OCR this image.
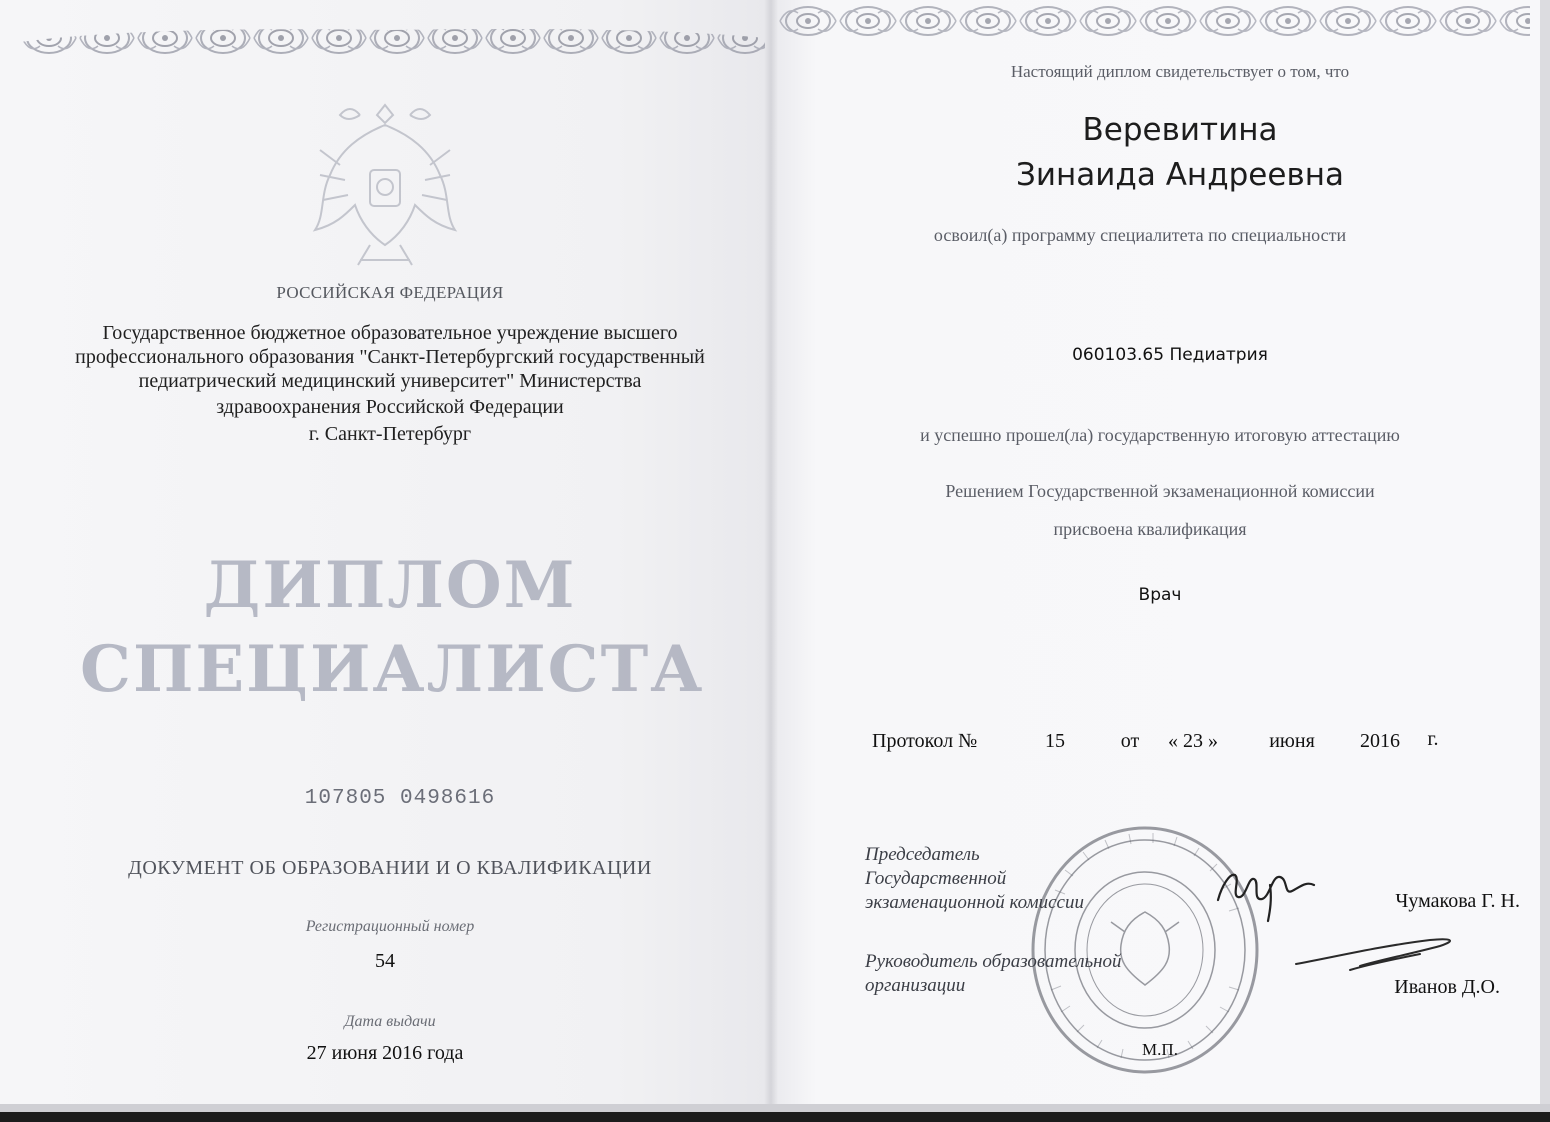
РОССИЙСКАЯ ФЕДЕРАЦИЯ
Государственное бюджетное образовательное учреждение высшего
профессионального образования "Санкт-Петербургский государственный
педиатрический медицинский университет" Министерства
здравоохранения Российской Федерации
г. Санкт-Петербург
ДИПЛОМ
СПЕЦИАЛИСТА
107805 0498616
ДОКУМЕНТ ОБ ОБРАЗОВАНИИ И О КВАЛИФИКАЦИИ
Регистрационный номер
54
Дата выдачи
27 июня 2016 года
Настоящий диплом свидетельствует о том, что
Веревитина
Зинаида Андреевна
освоил(а) программу специалитета по специальности
060103.65 Педиатрия
и успешно прошел(ла) государственную итоговую аттестацию
Решением Государственной экзаменационной комиссии
присвоена квалификация
Врач
Протокол №	15	от	« 23 »	июня	2016	г.
Председатель
Государственной
экзаменационной комиссии	Чумакова Г. Н.
Руководитель образовательной
организации	Иванов Д.О.
М.П.
